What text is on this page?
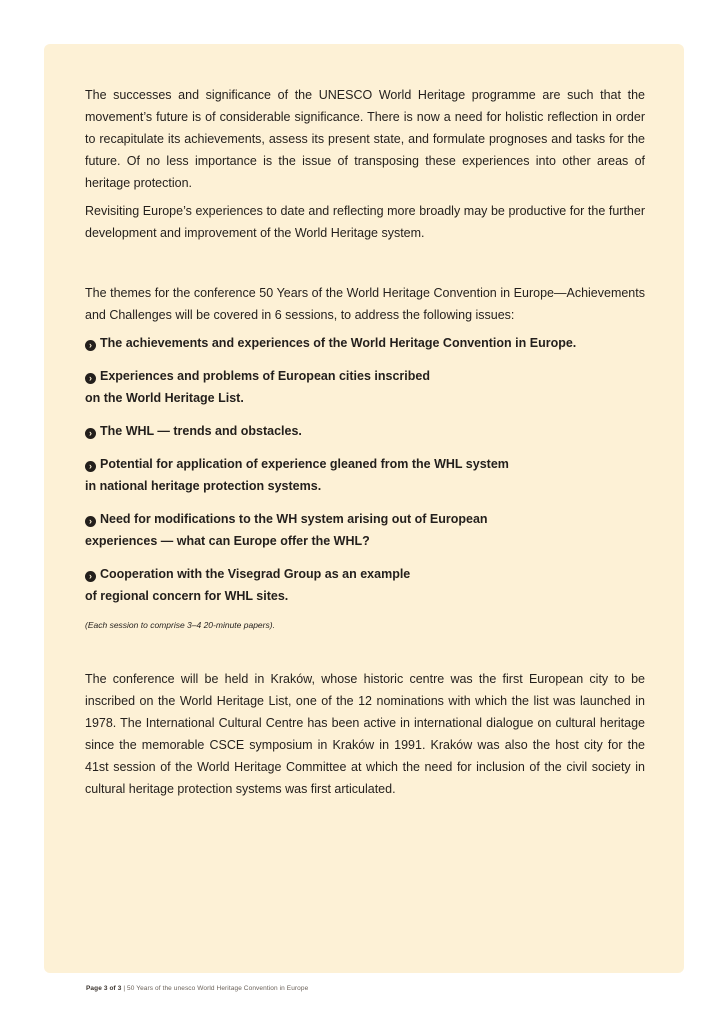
The successes and significance of the UNESCO World Heritage programme are such that the movement’s future is of considerable significance. There is now a need for holistic reflection in order to recapitulate its achievements, assess its present state, and formulate prognoses and tasks for the future. Of no less importance is the issue of transposing these experiences into other areas of heritage protection.

Revisiting Europe’s experiences to date and reflecting more broadly may be productive for the further development and improvement of the World Heritage system.

The themes for the conference 50 Years of the World Heritage Convention in Europe—Achievements and Challenges will be covered in 6 sessions, to address the following issues:

› The achievements and experiences of the World Heritage Convention in Europe.
› Experiences and problems of European cities inscribed
on the World Heritage List.
› The WHL — trends and obstacles.
› Potential for application of experience gleaned from the WHL system
in national heritage protection systems.
› Need for modifications to the WH system arising out of European
experiences — what can Europe offer the WHL?
› Cooperation with the Visegrad Group as an example
of regional concern for WHL sites.

(Each session to comprise 3–4 20-minute papers).

The conference will be held in Kraków, whose historic centre was the first European city to be inscribed on the World Heritage List, one of the 12 nominations with which the list was launched in 1978. The International Cultural Centre has been active in international dialogue on cultural heritage since the memorable CSCE symposium in Kraków in 1991. Kraków was also the host city for the 41st session of the World Heritage Committee at which the need for inclusion of the civil society in cultural heritage protection systems was first articulated.

Page 3 of 3 | 50 Years of the unesco World Heritage Convention in Europe
